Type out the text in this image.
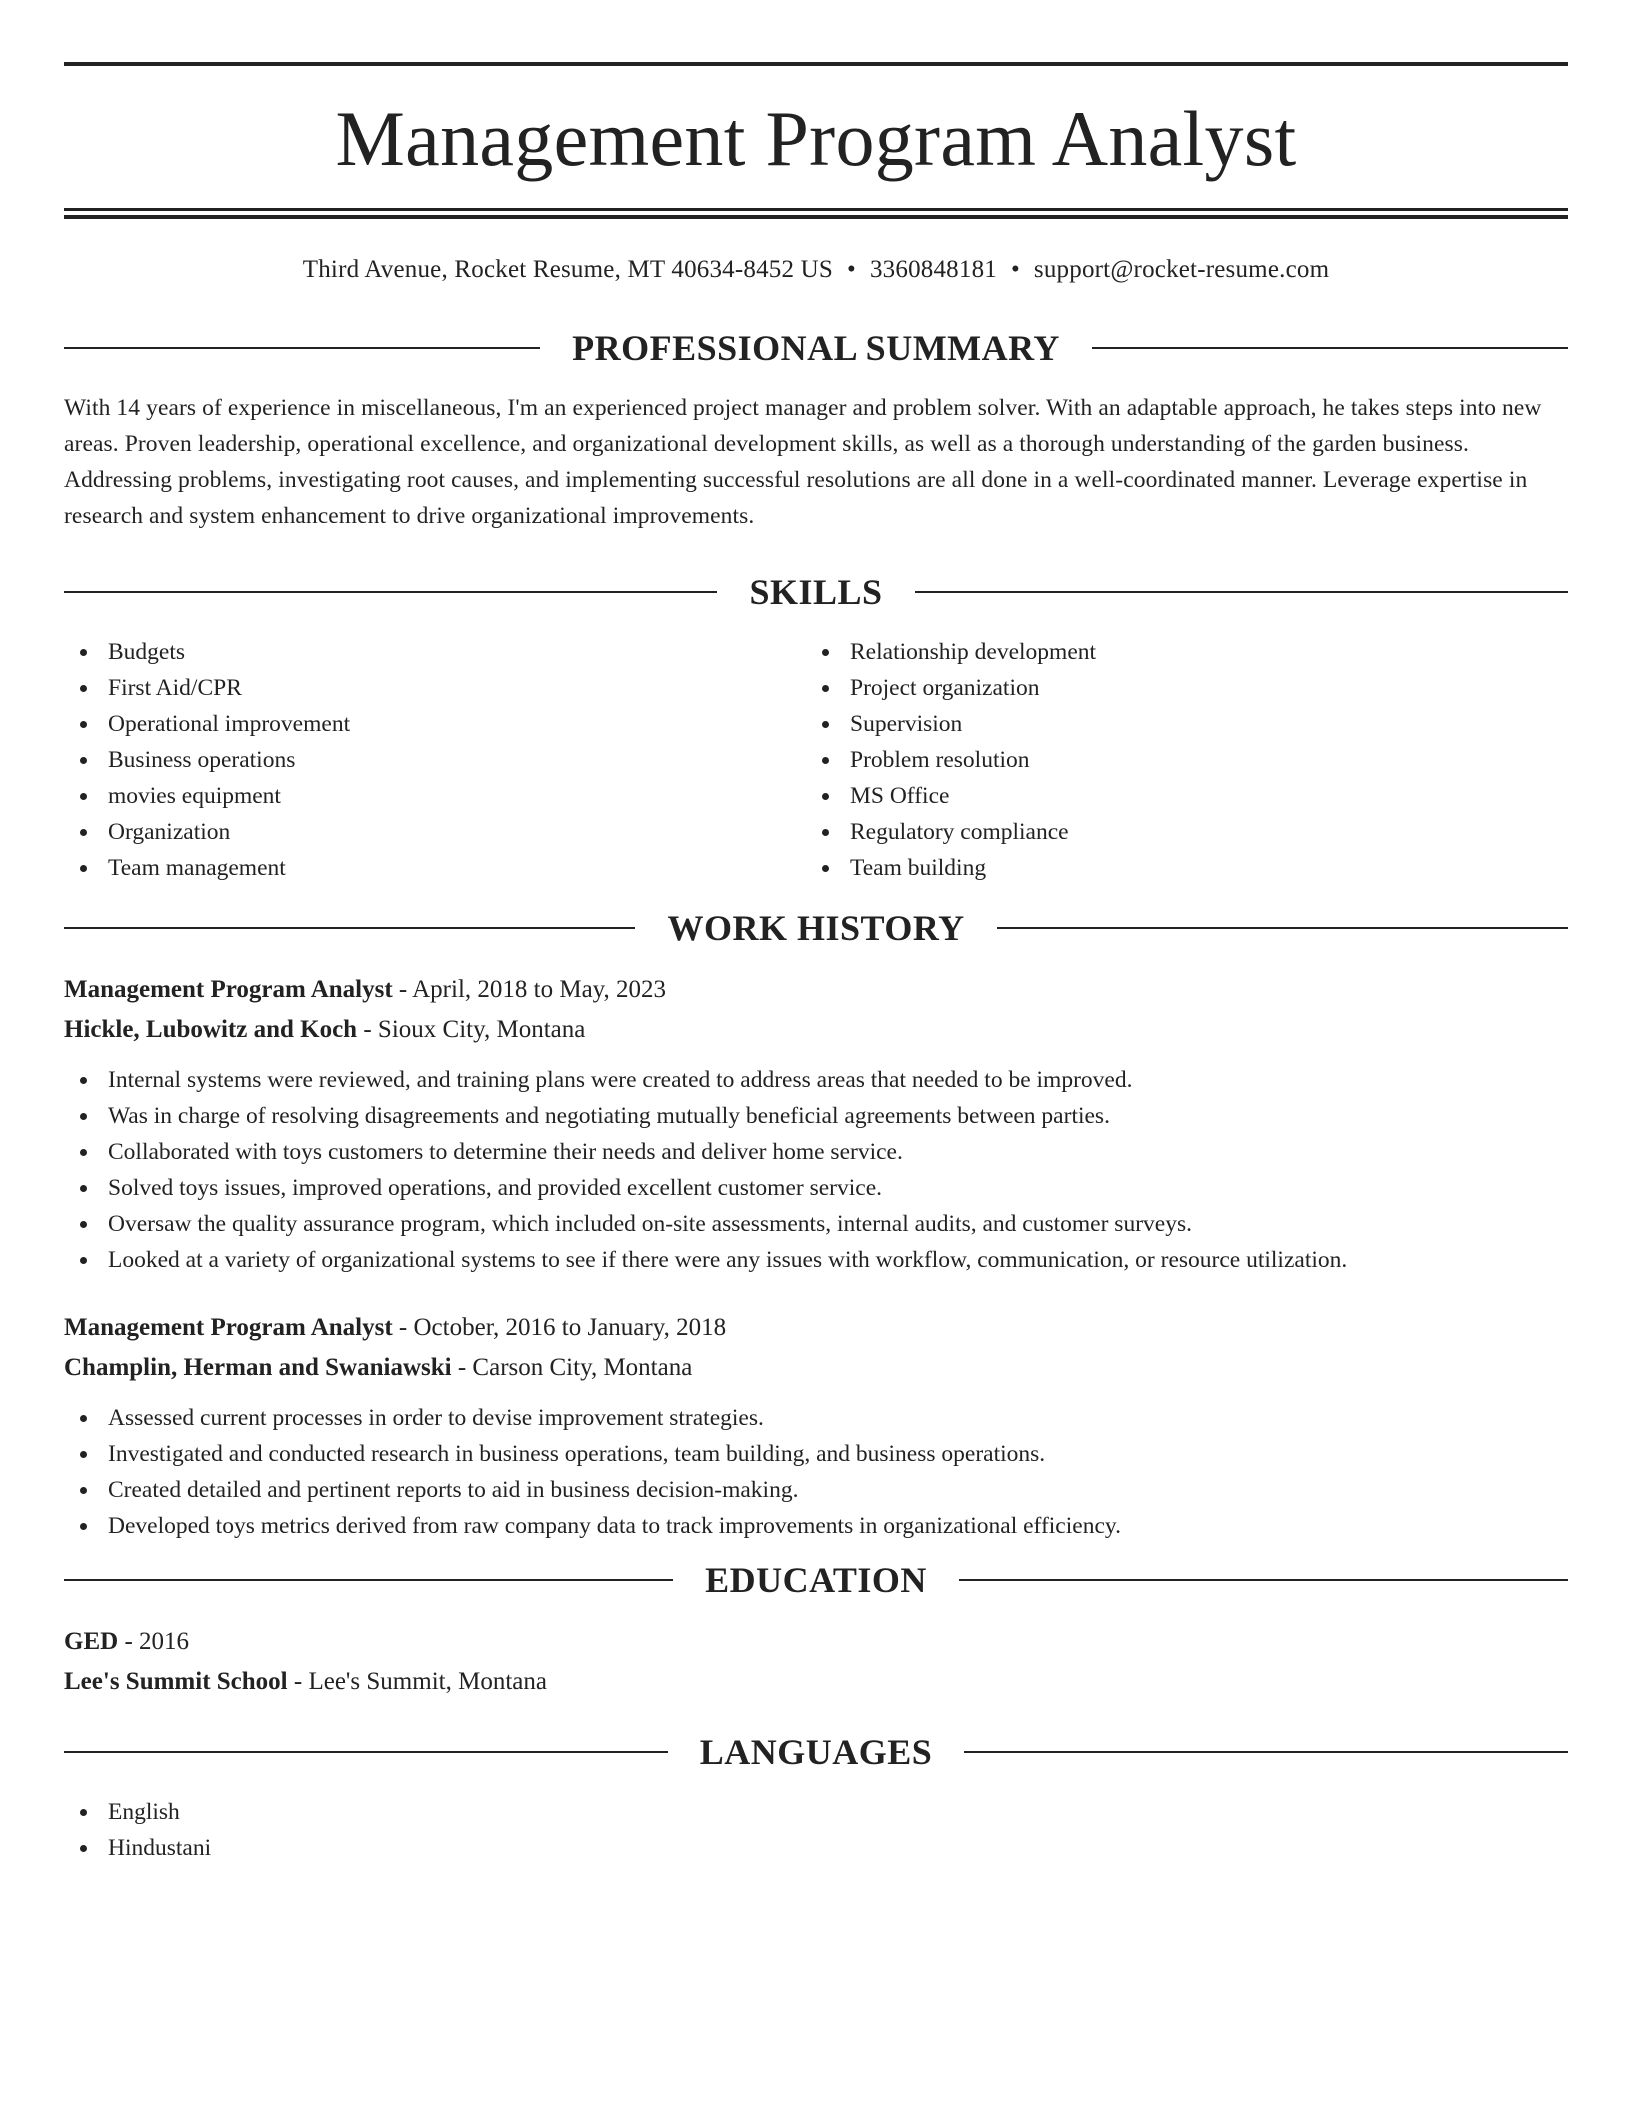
Management Program Analyst
Third Avenue, Rocket Resume, MT 40634-8452 US • 3360848181 • support@rocket-resume.com
PROFESSIONAL SUMMARY

With 14 years of experience in miscellaneous, I'm an experienced project manager and problem solver. With an adaptable approach, he takes steps into new areas. Proven leadership, operational excellence, and organizational development skills, as well as a thorough understanding of the garden business. Addressing problems, investigating root causes, and implementing successful resolutions are all done in a well-coordinated manner. Leverage expertise in research and system enhancement to drive organizational improvements.

SKILLS
Budgets
First Aid/CPR
Operational improvement
Business operations
movies equipment
Organization
Team management
Relationship development
Project organization
Supervision
Problem resolution
MS Office
Regulatory compliance
Team building
WORK HISTORY
Management Program Analyst - April, 2018 to May, 2023
Hickle, Lubowitz and Koch - Sioux City, Montana
Internal systems were reviewed, and training plans were created to address areas that needed to be improved.
Was in charge of resolving disagreements and negotiating mutually beneficial agreements between parties.
Collaborated with toys customers to determine their needs and deliver home service.
Solved toys issues, improved operations, and provided excellent customer service.
Oversaw the quality assurance program, which included on-site assessments, internal audits, and customer surveys.
Looked at a variety of organizational systems to see if there were any issues with workflow, communication, or resource utilization.
Management Program Analyst - October, 2016 to January, 2018
Champlin, Herman and Swaniawski - Carson City, Montana
Assessed current processes in order to devise improvement strategies.
Investigated and conducted research in business operations, team building, and business operations.
Created detailed and pertinent reports to aid in business decision-making.
Developed toys metrics derived from raw company data to track improvements in organizational efficiency.
EDUCATION
GED - 2016
Lee's Summit School - Lee's Summit, Montana
LANGUAGES
English
Hindustani
